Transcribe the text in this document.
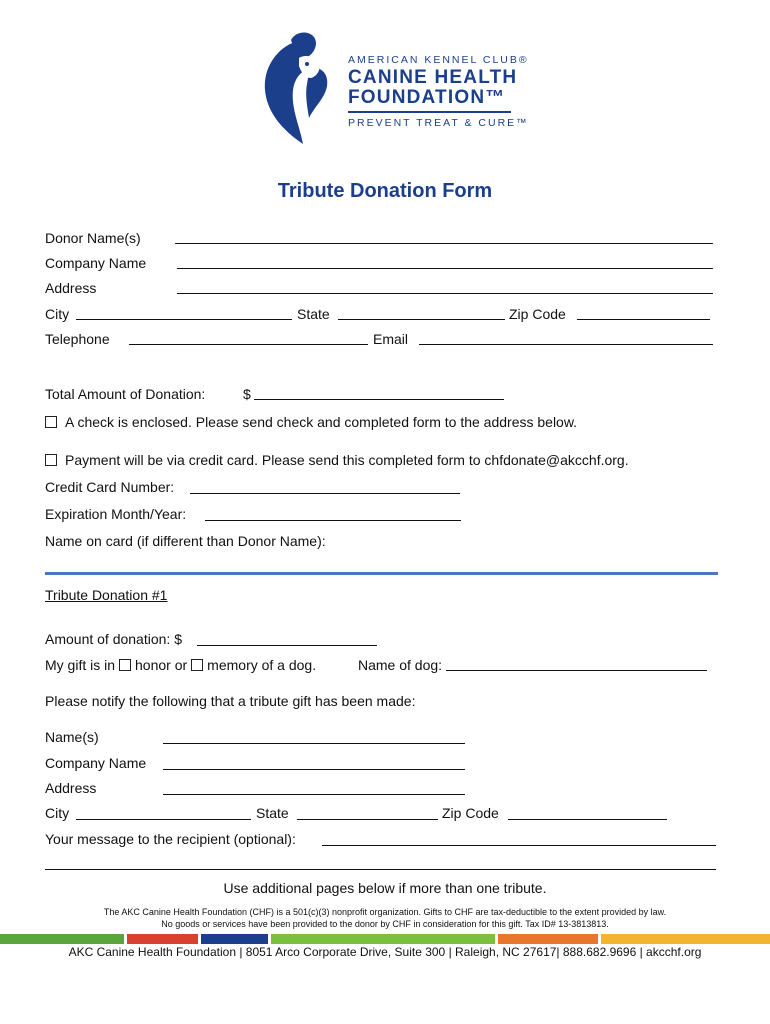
AMERICAN KENNEL CLUB®
CANINE HEALTH
FOUNDATION™
PREVENT TREAT & CURE™
Tribute Donation Form
Donor Name(s)
Company Name
Address
City	State	Zip Code
Telephone	Email
Total Amount of Donation:	$
A check is enclosed. Please send check and completed form to the address below.
Payment will be via credit card. Please send this completed form to chfdonate@akcchf.org.
Credit Card Number:
Expiration Month/Year:
Name on card (if different than Donor Name):
Tribute Donation #1
Amount of donation: $
My gift is in honor or memory of a dog.	Name of dog:
Please notify the following that a tribute gift has been made:
Name(s)
Company Name
Address
City	State	Zip Code
Your message to the recipient (optional):
Use additional pages below if more than one tribute.
The AKC Canine Health Foundation (CHF) is a 501(c)(3) nonprofit organization. Gifts to CHF are tax-deductible to the extent provided by law.
No goods or services have been provided to the donor by CHF in consideration for this gift. Tax ID# 13-3813813.
AKC Canine Health Foundation | 8051 Arco Corporate Drive, Suite 300 | Raleigh, NC 27617| 888.682.9696 | akcchf.org
